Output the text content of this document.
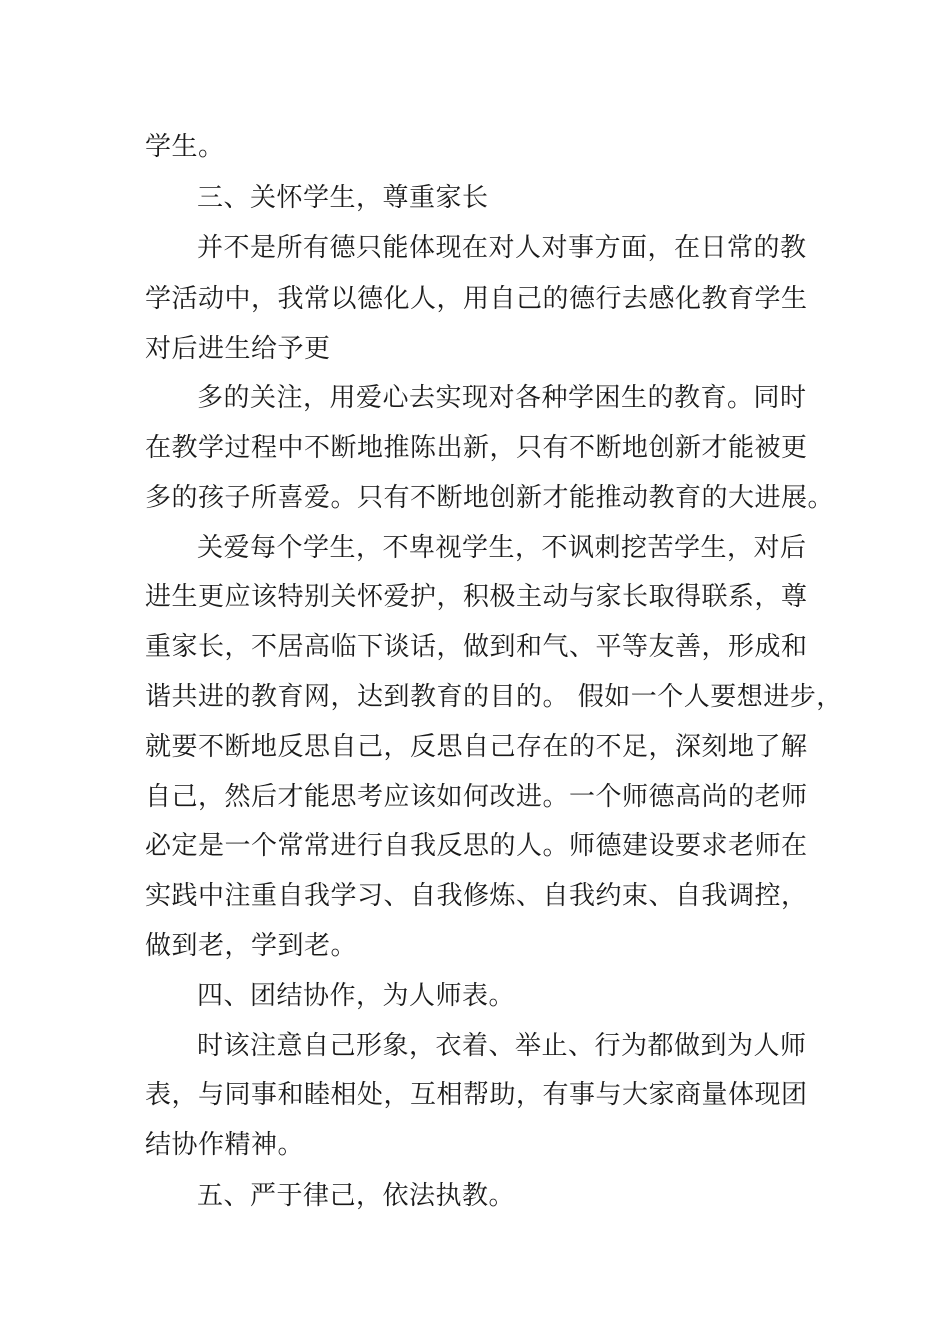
学生。

三、关怀学生，尊重家长

并不是所有德只能体现在对人对事方面，在日常的教

学活动中，我常以德化人，用自己的德行去感化教育学生

对后进生给予更

多的关注，用爱心去实现对各种学困生的教育。同时

在教学过程中不断地推陈出新，只有不断地创新才能被更

多的孩子所喜爱。只有不断地创新才能推动教育的大进展。

关爱每个学生，不卑视学生，不讽刺挖苦学生，对后

进生更应该特别关怀爱护，积极主动与家长取得联系，尊

重家长，不居高临下谈话，做到和气、平等友善，形成和

谐共进的教育网，达到教育的目的。 假如一个人要想进步，

就要不断地反思自己，反思自己存在的不足，深刻地了解

自己，然后才能思考应该如何改进。一个师德高尚的老师

必定是一个常常进行自我反思的人。师德建设要求老师在

实践中注重自我学习、自我修炼、自我约束、自我调控，

做到老，学到老。

四、团结协作，为人师表。

时该注意自己形象，衣着、举止、行为都做到为人师

表，与同事和睦相处，互相帮助，有事与大家商量体现团

结协作精神。

五、严于律己，依法执教。
